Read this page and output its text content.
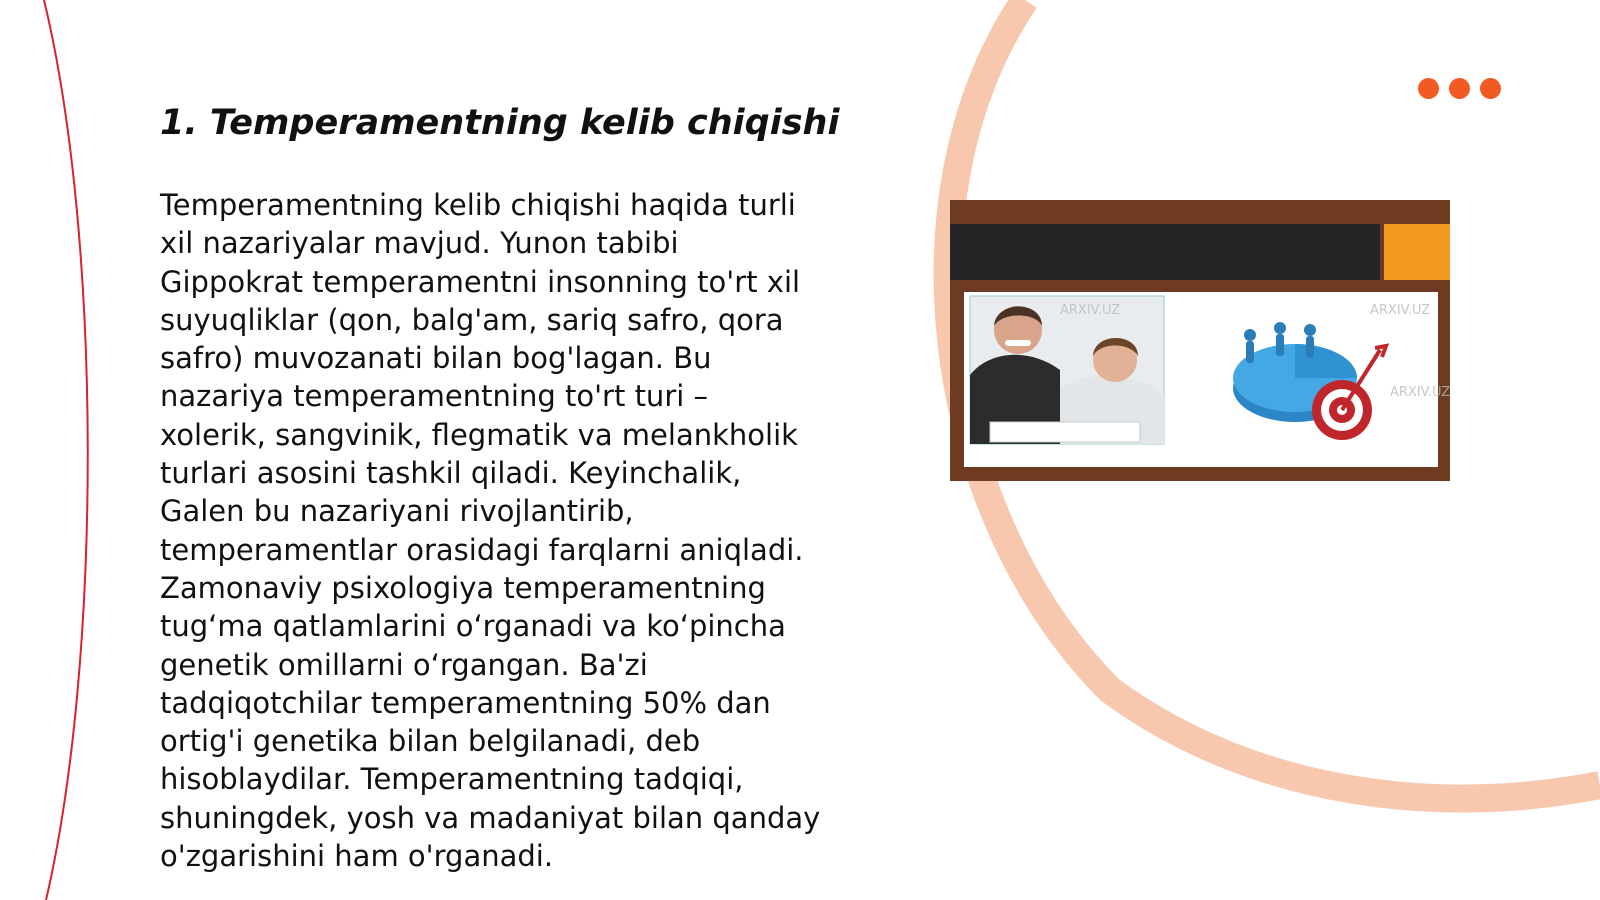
1. Temperamentning kelib chiqishi
Temperamentning kelib chiqishi haqida turli
xil nazariyalar mavjud. Yunon tabibi
Gippokrat temperamentni insonning to'rt xil
suyuqliklar (qon, balg'am, sariq safro, qora
safro) muvozanati bilan bog'lagan. Bu
nazariya temperamentning to'rt turi –
xolerik, sangvinik, flegmatik va melankholik
turlari asosini tashkil qiladi. Keyinchalik,
Galen bu nazariyani rivojlantirib,
temperamentlar orasidagi farqlarni aniqladi.
Zamonaviy psixologiya temperamentning
tug‘ma qatlamlarini o‘rganadi va ko‘pincha
genetik omillarni o‘rgangan. Ba'zi
tadqiqotchilar temperamentning 50% dan
ortig'i genetika bilan belgilanadi, deb
hisoblaydilar. Temperamentning tadqiqi,
shuningdek, yosh va madaniyat bilan qanday
o'zgarishini ham o'rganadi.
ARXIV.UZ	ARXIV.UZ
ARXIV.UZ
